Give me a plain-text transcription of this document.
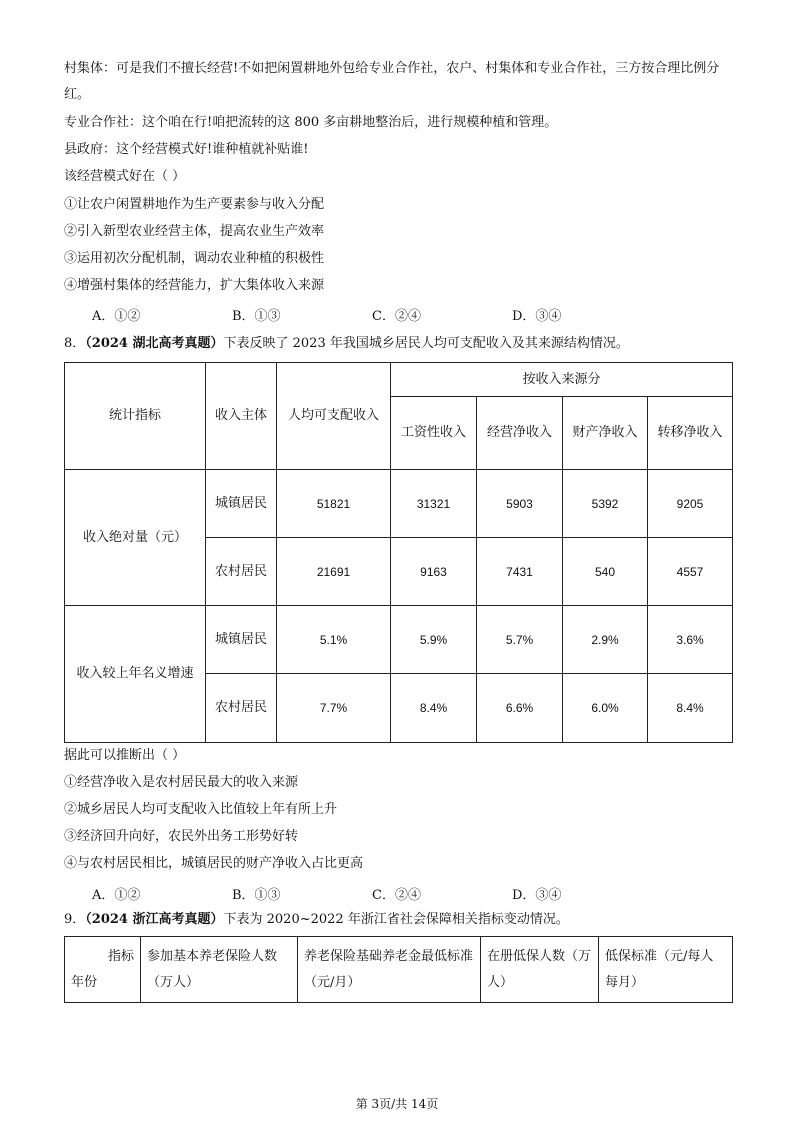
村集体：可是我们不擅长经营!不如把闲置耕地外包给专业合作社，农户、村集体和专业合作社，三方按合理比例分红。
专业合作社：这个咱在行!咱把流转的这 800 多亩耕地整治后，进行规模种植和管理。
县政府：这个经营模式好!谁种植就补贴谁!
该经营模式好在（ ）
①让农户闲置耕地作为生产要素参与收入分配
②引入新型农业经营主体，提高农业生产效率
③运用初次分配机制，调动农业种植的积极性
④增强村集体的经营能力，扩大集体收入来源
A．①②	B．①③	C．②④	D．③④
8．（2024 湖北高考真题）下表反映了 2023 年我国城乡居民人均可支配收入及其来源结构情况。
统计指标	收入主体	人均可支配收入	按收入来源分			
			工资性收入	经营净收入	财产净收入	转移净收入
收入绝对量（元）	城镇居民	51821	31321	5903	5392	9205
	农村居民	21691	9163	7431	540	4557
收入较上年名义增速	城镇居民	5.1%	5.9%	5.7%	2.9%	3.6%
	农村居民	7.7%	8.4%	6.6%	6.0%	8.4%
据此可以推断出（ ）
①经营净收入是农村居民最大的收入来源
②城乡居民人均可支配收入比值较上年有所上升
③经济回升向好，农民外出务工形势好转
④与农村居民相比，城镇居民的财产净收入占比更高
A．①②	B．①③	C．②④	D．③④
9．（2024 浙江高考真题）下表为 2020~2022 年浙江省社会保障相关指标变动情况。
指标
年份
	参加基本养老保险人数（万人）	养老保险基础养老金最低标准（元/月）	在册低保人数（万人）	低保标准（元/每人每月）
第 3页/共 14页
